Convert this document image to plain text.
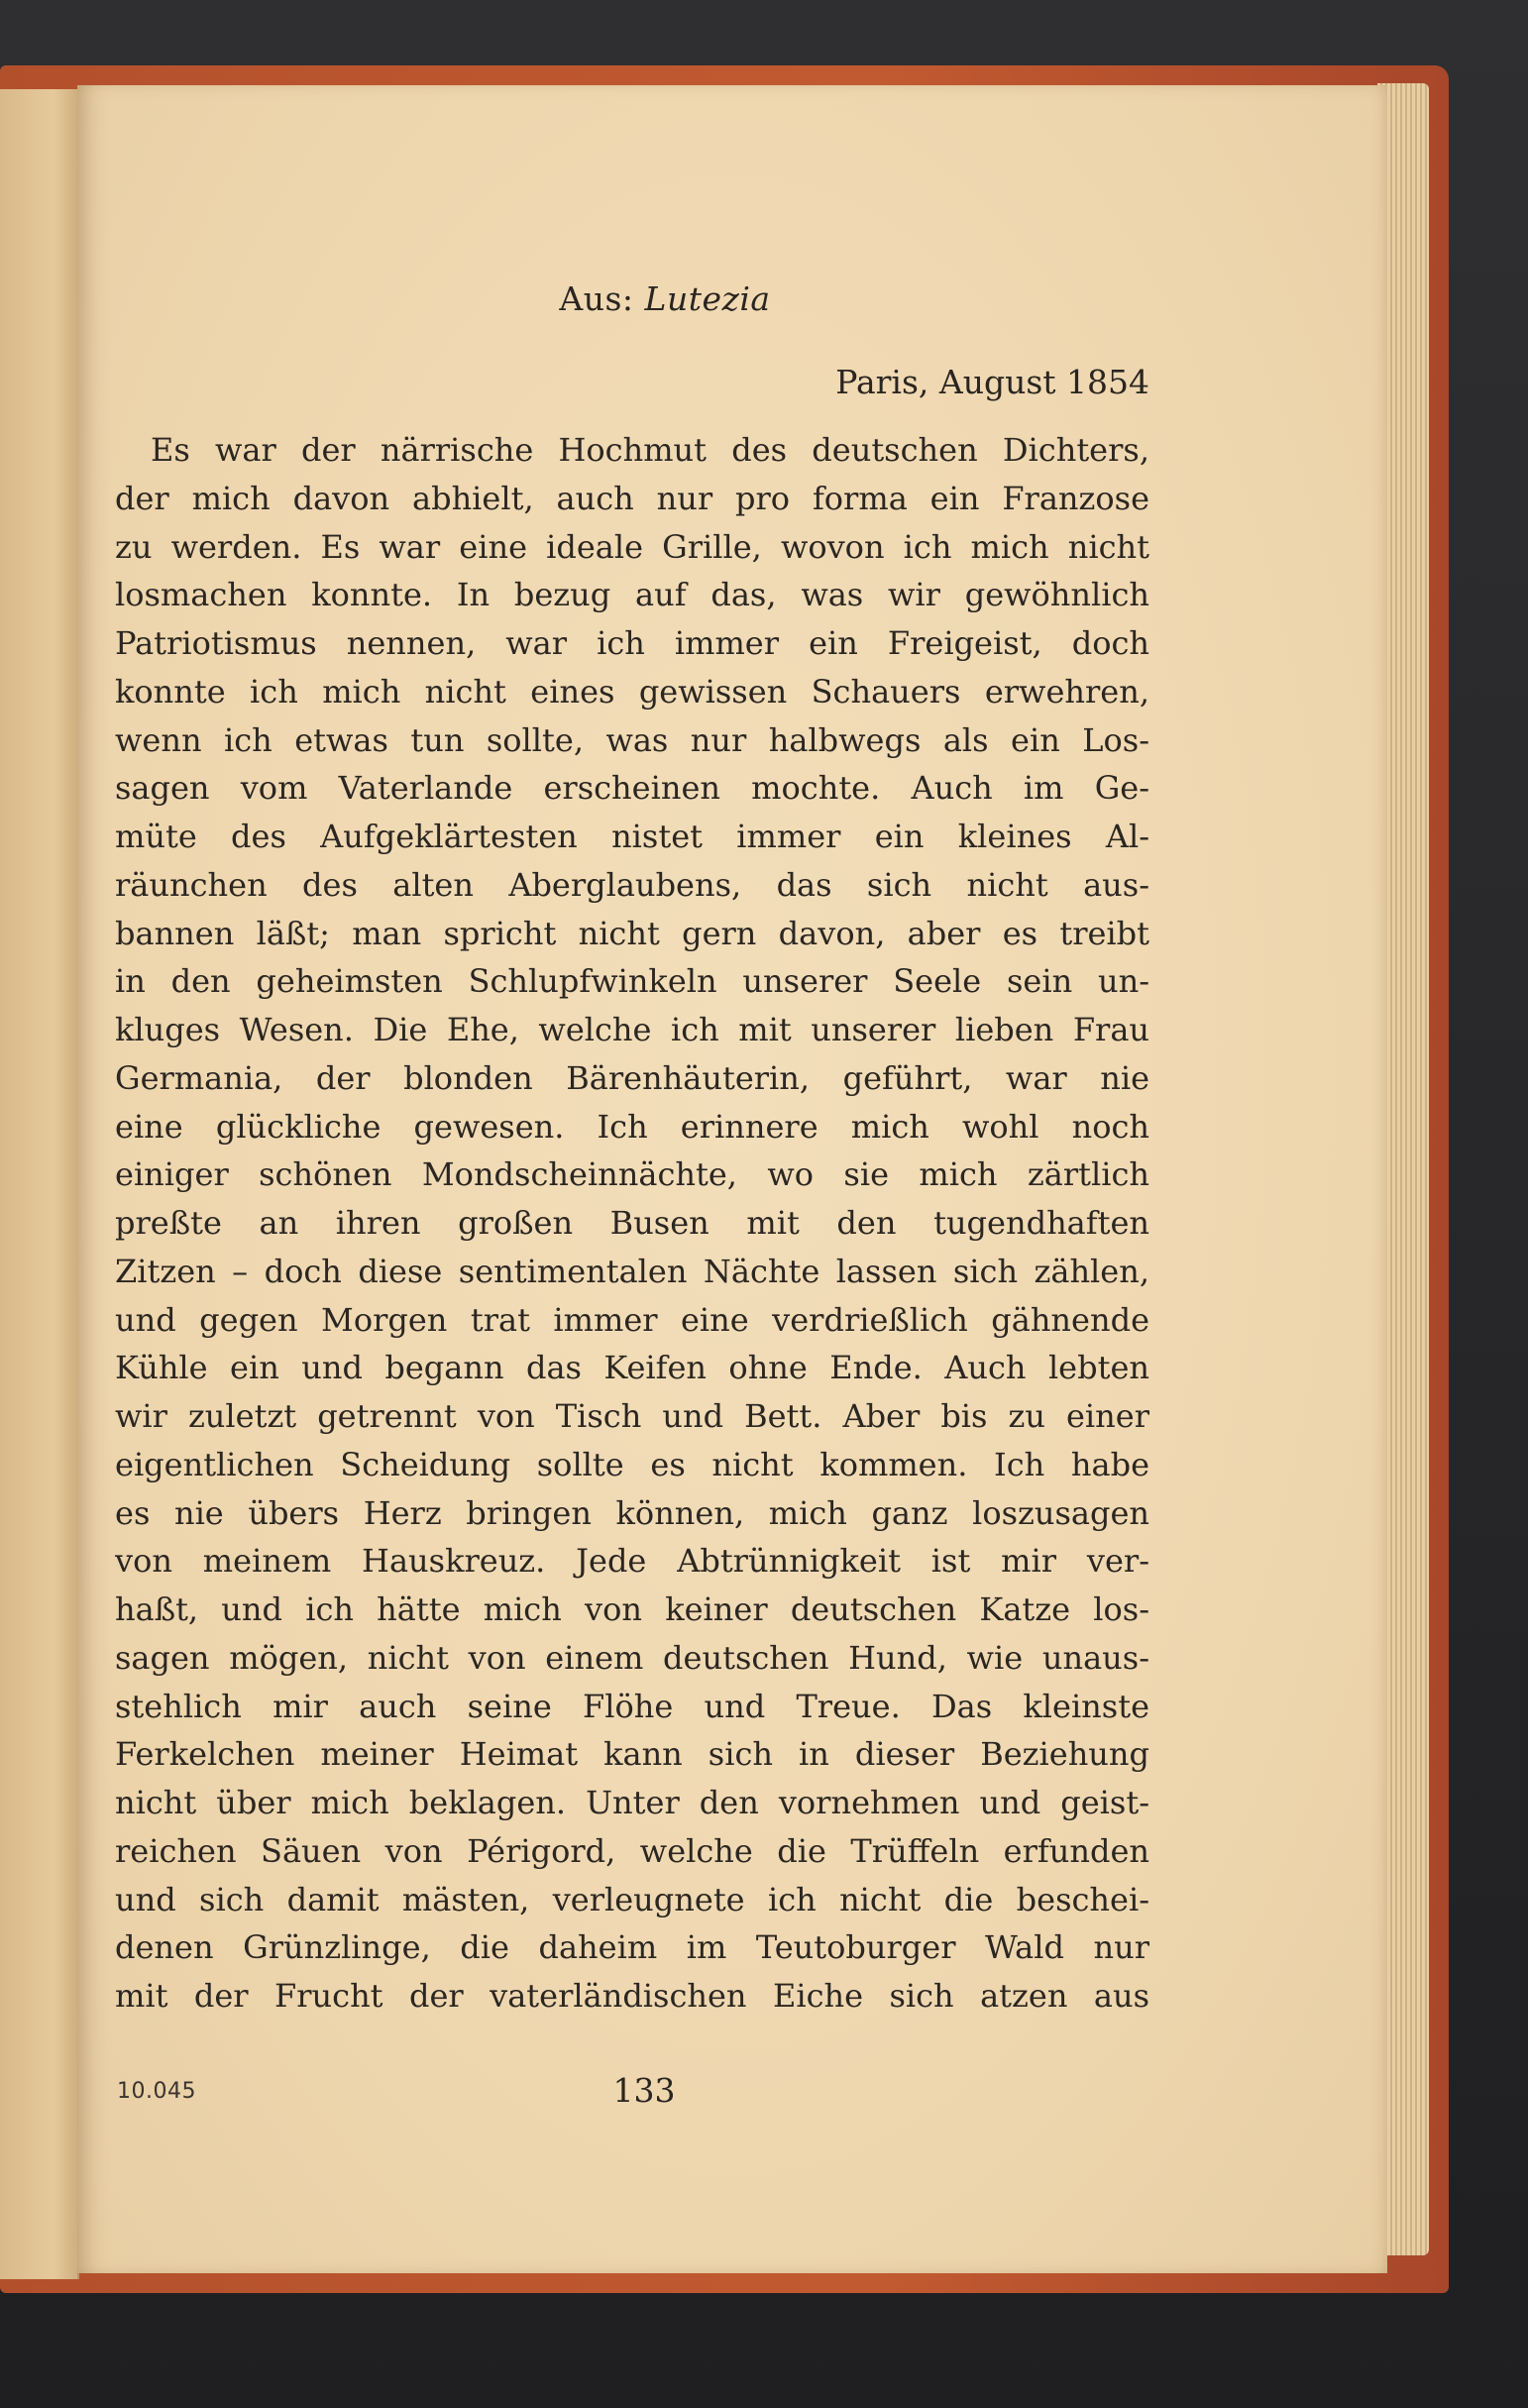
Aus: Lutezia
Paris, August 1854
Es war der närrische Hochmut des deutschen Dichters,
der mich davon abhielt, auch nur pro forma ein Franzose
zu werden. Es war eine ideale Grille, wovon ich mich nicht
losmachen konnte. In bezug auf das, was wir gewöhnlich
Patriotismus nennen, war ich immer ein Freigeist, doch
konnte ich mich nicht eines gewissen Schauers erwehren,
wenn ich etwas tun sollte, was nur halbwegs als ein Los-
sagen vom Vaterlande erscheinen mochte. Auch im Ge-
müte des Aufgeklärtesten nistet immer ein kleines Al-
räunchen des alten Aberglaubens, das sich nicht aus-
bannen läßt; man spricht nicht gern davon, aber es treibt
in den geheimsten Schlupfwinkeln unserer Seele sein un-
kluges Wesen. Die Ehe, welche ich mit unserer lieben Frau
Germania, der blonden Bärenhäuterin, geführt, war nie
eine glückliche gewesen. Ich erinnere mich wohl noch
einiger schönen Mondscheinnächte, wo sie mich zärtlich
preßte an ihren großen Busen mit den tugendhaften
Zitzen – doch diese sentimentalen Nächte lassen sich zählen,
und gegen Morgen trat immer eine verdrießlich gähnende
Kühle ein und begann das Keifen ohne Ende. Auch lebten
wir zuletzt getrennt von Tisch und Bett. Aber bis zu einer
eigentlichen Scheidung sollte es nicht kommen. Ich habe
es nie übers Herz bringen können, mich ganz loszusagen
von meinem Hauskreuz. Jede Abtrünnigkeit ist mir ver-
haßt, und ich hätte mich von keiner deutschen Katze los-
sagen mögen, nicht von einem deutschen Hund, wie unaus-
stehlich mir auch seine Flöhe und Treue. Das kleinste
Ferkelchen meiner Heimat kann sich in dieser Beziehung
nicht über mich beklagen. Unter den vornehmen und geist-
reichen Säuen von Périgord, welche die Trüffeln erfunden
und sich damit mästen, verleugnete ich nicht die beschei-
denen Grünzlinge, die daheim im Teutoburger Wald nur
mit der Frucht der vaterländischen Eiche sich atzen aus
10.045	133
